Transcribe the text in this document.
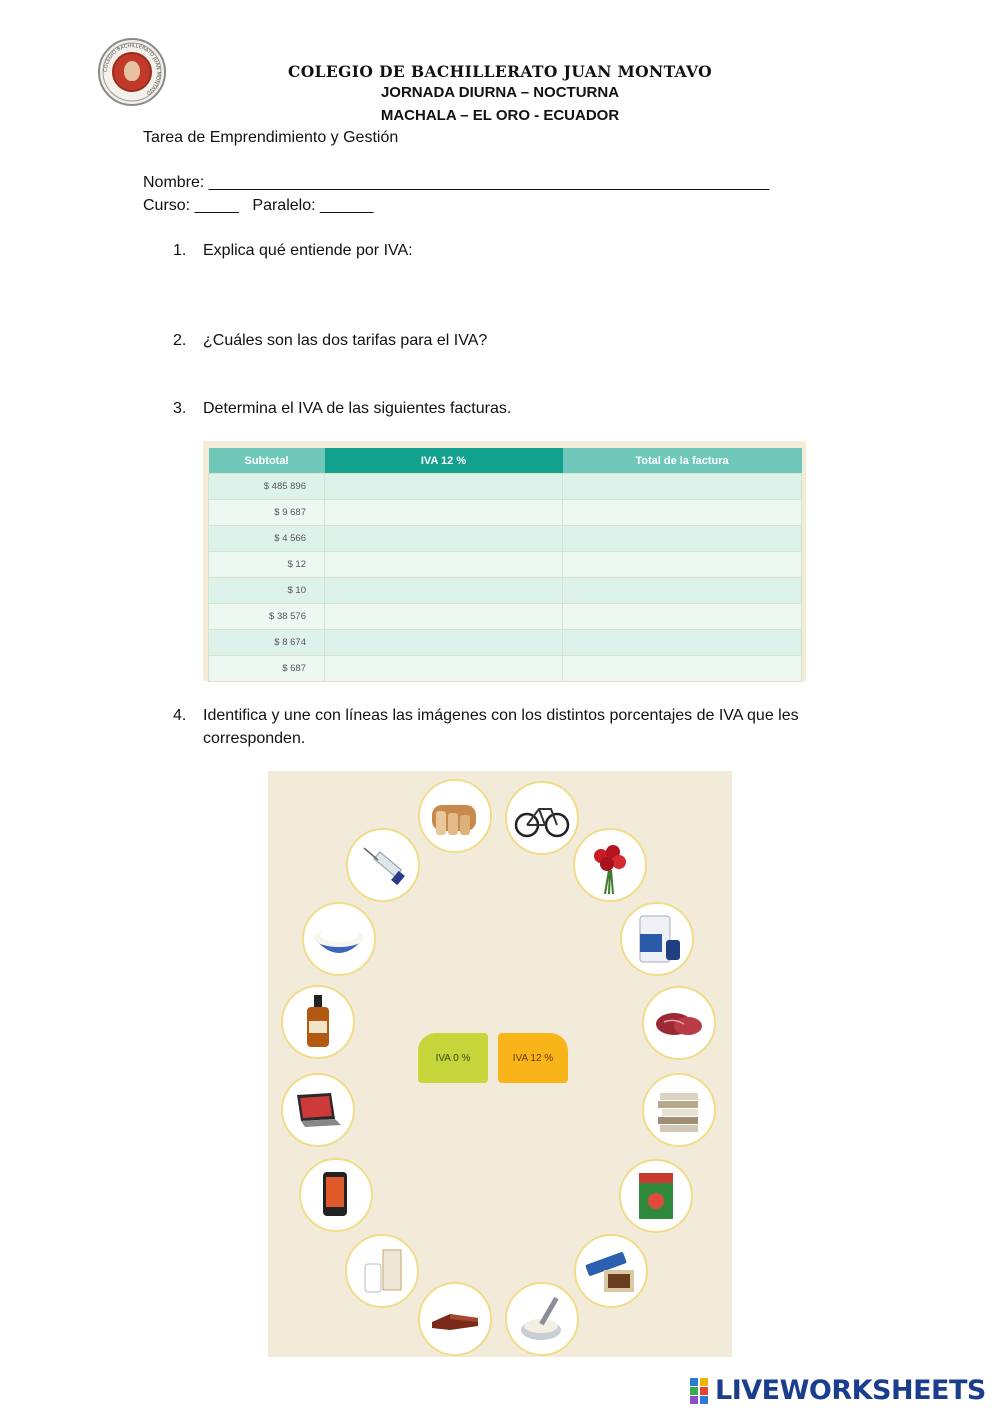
COLEGIO BACHILLERATO JUAN MONTAVO
COLEGIO DE BACHILLERATO JUAN MONTAVO
JORNADA DIURNA – NOCTURNA
MACHALA – EL ORO - ECUADOR
Tarea de Emprendimiento y Gestión
Nombre: _______________________________________________________________
Curso: _____   Paralelo: ______
1. Explica qué entiende por IVA:
2. ¿Cuáles son las dos tarifas para el IVA?
3. Determina el IVA de las siguientes facturas.
Subtotal	IVA 12 %	Total de la factura
$ 485 896		
$ 9 687		
$ 4 566		
$ 12		
$ 10		
$ 38 576		
$ 8 674		
$ 687		
4. Identifica y une con líneas las imágenes con los distintos porcentajes de IVA que les
corresponden.
IVA 0 %	IVA 12 %
LIVEWORKSHEETS
